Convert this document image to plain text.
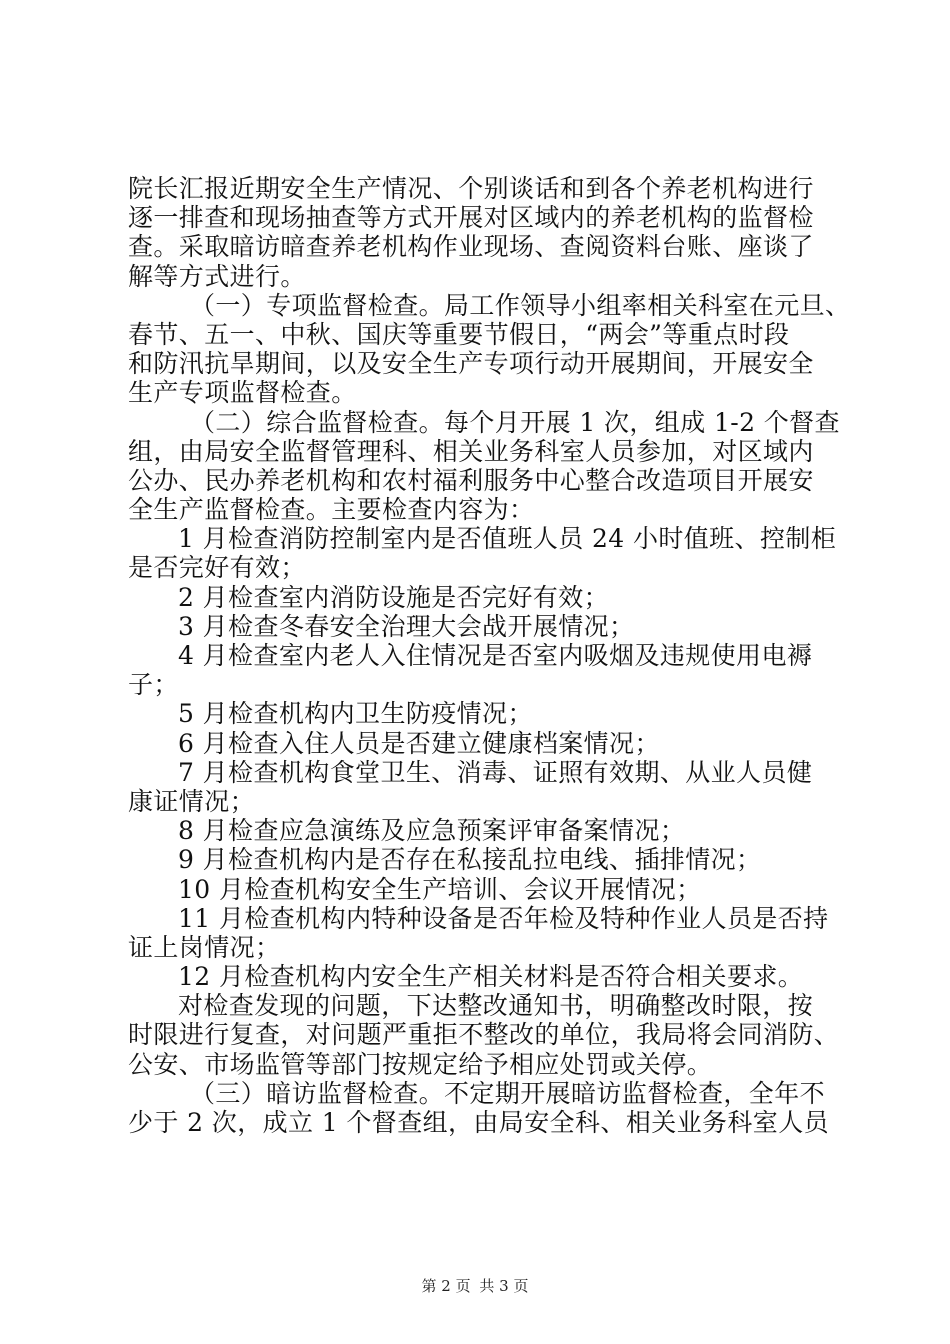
院长汇报近期安全生产情况、个别谈话和到各个养老机构进行
逐一排查和现场抽查等方式开展对区域内的养老机构的监督检
查。采取暗访暗查养老机构作业现场、查阅资料台账、座谈了
解等方式进行。
（一）专项监督检查。局工作领导小组率相关科室在元旦、
春节、五一、中秋、国庆等重要节假日，“两会”等重点时段
和防汛抗旱期间，以及安全生产专项行动开展期间，开展安全
生产专项监督检查。
（二）综合监督检查。每个月开展 1 次，组成 1-2 个督查
组，由局安全监督管理科、相关业务科室人员参加，对区域内
公办、民办养老机构和农村福利服务中心整合改造项目开展安
全生产监督检查。主要检查内容为：
1 月检查消防控制室内是否值班人员 24 小时值班、控制柜
是否完好有效；
2 月检查室内消防设施是否完好有效；
3 月检查冬春安全治理大会战开展情况；
4 月检查室内老人入住情况是否室内吸烟及违规使用电褥
子；
5 月检查机构内卫生防疫情况；
6 月检查入住人员是否建立健康档案情况；
7 月检查机构食堂卫生、消毒、证照有效期、从业人员健
康证情况；
8 月检查应急演练及应急预案评审备案情况；
9 月检查机构内是否存在私接乱拉电线、插排情况；
10 月检查机构安全生产培训、会议开展情况；
11 月检查机构内特种设备是否年检及特种作业人员是否持
证上岗情况；
12 月检查机构内安全生产相关材料是否符合相关要求。
对检查发现的问题，下达整改通知书，明确整改时限，按
时限进行复查，对问题严重拒不整改的单位，我局将会同消防、
公安、市场监管等部门按规定给予相应处罚或关停。
（三）暗访监督检查。不定期开展暗访监督检查，全年不
少于 2 次，成立 1 个督查组，由局安全科、相关业务科室人员
第 2 页 共 3 页
